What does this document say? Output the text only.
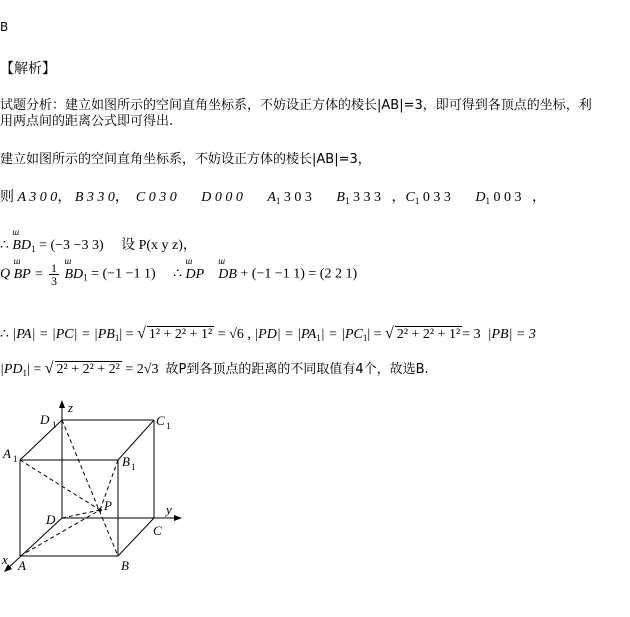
B
【解析】
试题分析：建立如图所示的空间直角坐标系，不妨设正方体的棱长|AB|=3，即可得到各顶点的坐标，利
用两点间的距离公式即可得出.
建立如图所示的空间直角坐标系，不妨设正方体的棱长|AB|=3，
则 A 3 0 0， B 3 3 0，  C 0 3 0 D 0 0 0 $A_1$ 3 0 3 $B_1$ 3 3 3   ，$C_1$ 0 3 3 $D_1$ 0 0 3   ，
∴ ш $BD_1 = (-3 -3$ 3) 设 P(x y z)，
Q ш BP = $\frac{1}{3}$ ш $BD_1 = (-1 -1$ 1)     ∴ ш DP ш DB + (−1 −1 1) = (2 2 1)
∴ $|PA| = |PC| = |PB_1|$ = √ 1² + 2² + 1² = √6 , $|PD| = |PA_1| = |PC_1|$ = √ 2² + 2² + 1² = 3 |PB| = 3
$|PD_1|$ = √ 2² + 2² + 2² = 2√3 故P到各顶点的距离的不同取值有4个，故选B.
z
y
x
D	C
A
B
P
D
C
A	B
1	1
1
1
